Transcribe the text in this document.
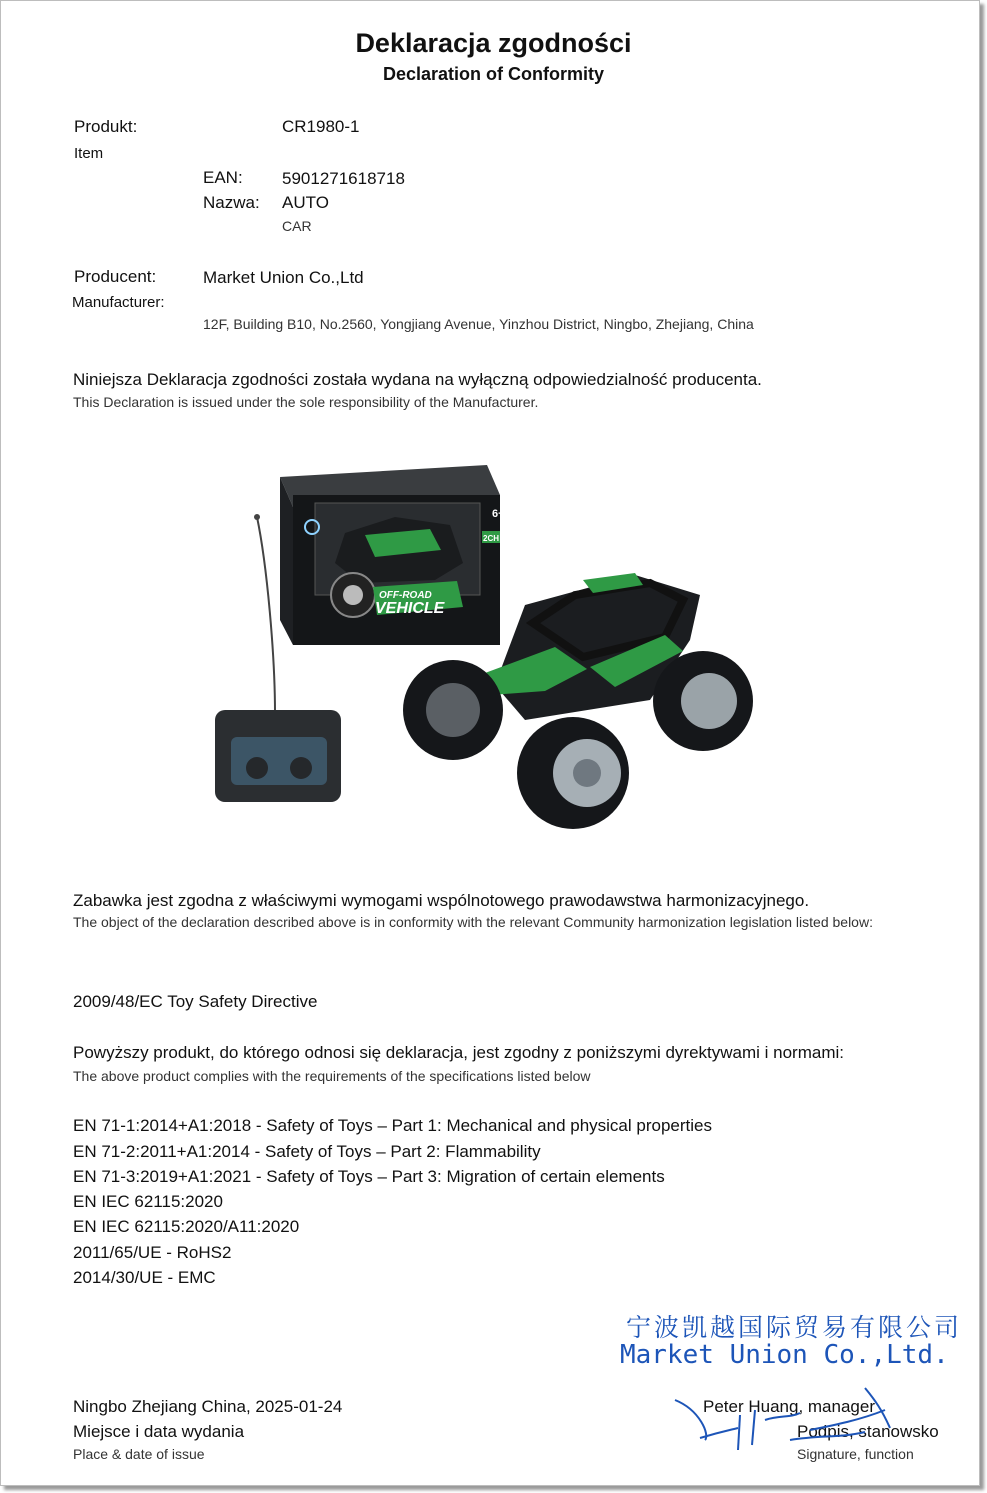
Deklaracja zgodności
Declaration of Conformity
Produkt:
Item
CR1980-1
EAN: 5901271618718
Nazwa: AUTO
CAR
Producent:
Manufacturer:
Market Union Co.,Ltd
12F, Building B10, No.2560, Yongjiang Avenue, Yinzhou District, Ningbo, Zhejiang, China
Niniejsza Deklaracja zgodności została wydana na wyłączną odpowiedzialność producenta.
This Declaration is issued under the sole responsibility of the Manufacturer.
OFF-ROAD
VEHICLE
6+
2CH
Zabawka jest zgodna z właściwymi wymogami wspólnotowego prawodawstwa harmonizacyjnego.
The object of the declaration described above is in conformity with the relevant Community harmonization legislation listed below:
2009/48/EC Toy Safety Directive
Powyższy produkt, do którego odnosi się deklaracja, jest zgodny z poniższymi dyrektywami i normami:
The above product complies with the requirements of the specifications listed below
EN 71-1:2014+A1:2018 - Safety of Toys – Part 1: Mechanical and physical properties
EN 71-2:2011+A1:2014 - Safety of Toys – Part 2: Flammability
EN 71-3:2019+A1:2021 - Safety of Toys – Part 3: Migration of certain elements
EN IEC 62115:2020
EN IEC 62115:2020/A11:2020
2011/65/UE - RoHS2
2014/30/UE - EMC
宁波凯越国际贸易有限公司
Market Union Co.,Ltd.
Ningbo Zhejiang China, 2025-01-24
Miejsce i data wydania
Place & date of issue
Peter Huang, manager
Podpis, stanowsko
Signature, function
